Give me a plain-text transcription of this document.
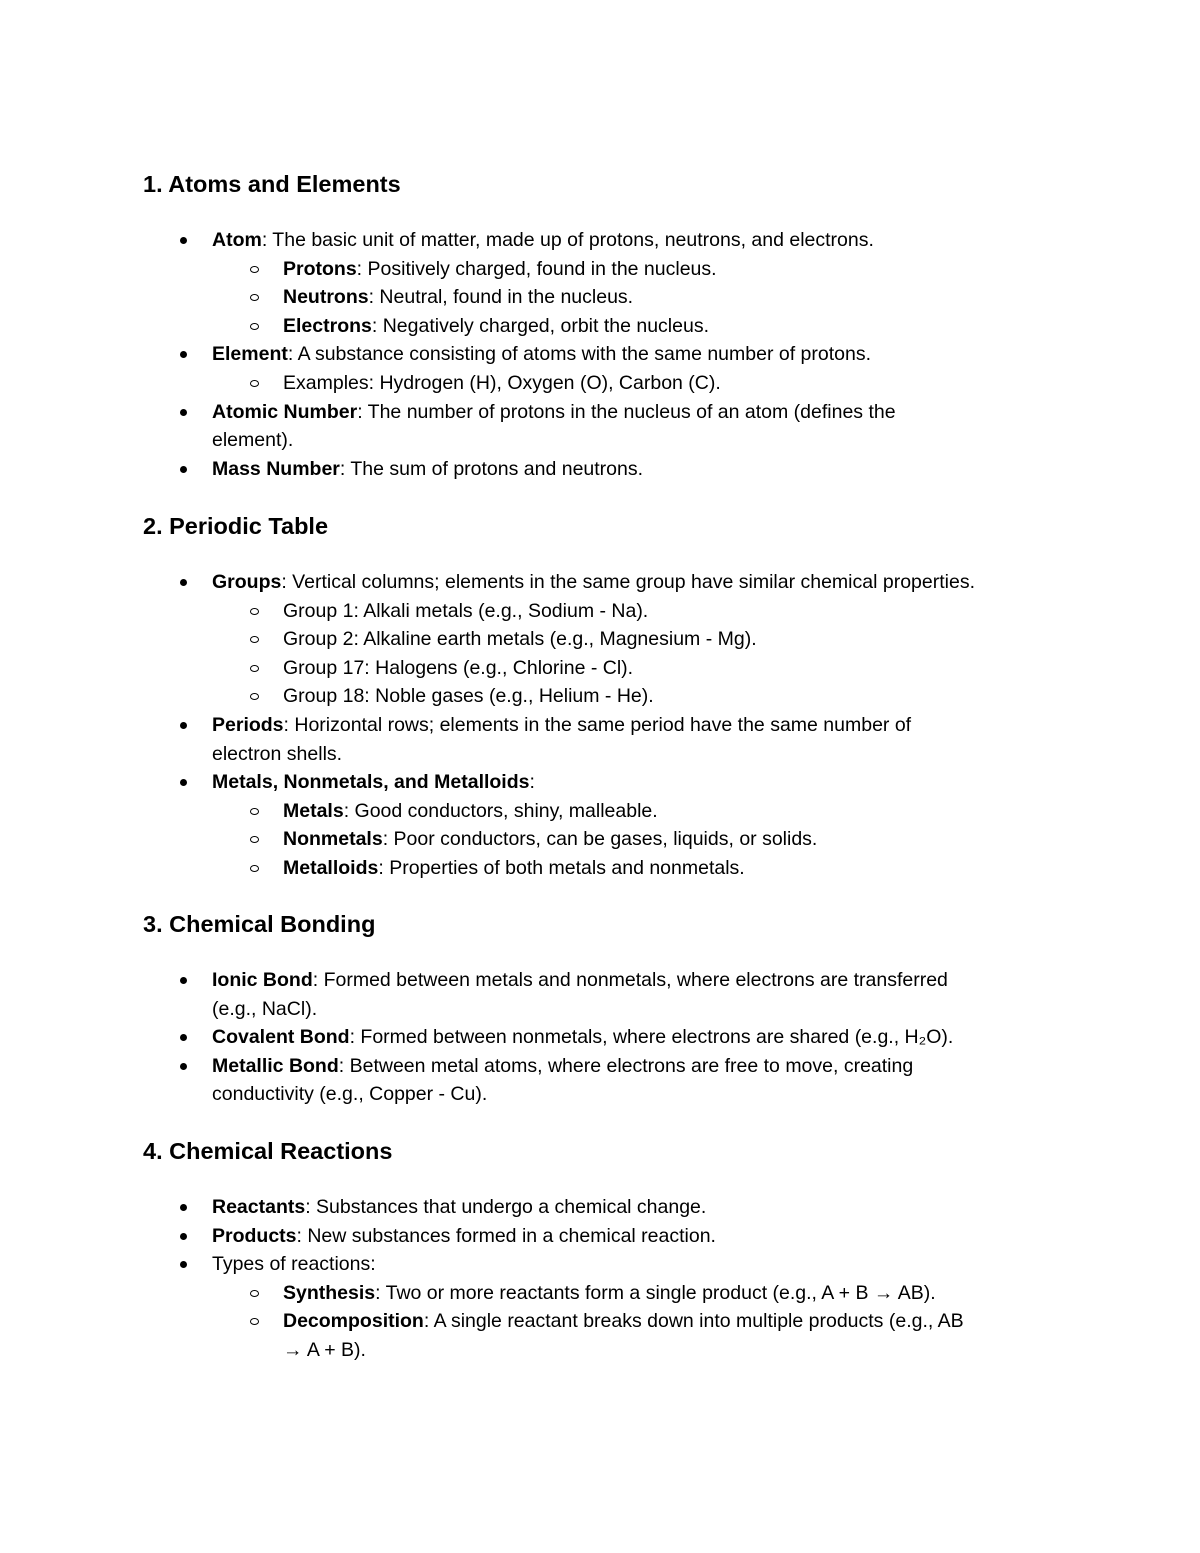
1. Atoms and Elements
Atom: The basic unit of matter, made up of protons, neutrons, and electrons.
Protons: Positively charged, found in the nucleus.
Neutrons: Neutral, found in the nucleus.
Electrons: Negatively charged, orbit the nucleus.
Element: A substance consisting of atoms with the same number of protons.
Examples: Hydrogen (H), Oxygen (O), Carbon (C).
Atomic Number: The number of protons in the nucleus of an atom (defines the
element).
Mass Number: The sum of protons and neutrons.
2. Periodic Table
Groups: Vertical columns; elements in the same group have similar chemical properties.
Group 1: Alkali metals (e.g., Sodium - Na).
Group 2: Alkaline earth metals (e.g., Magnesium - Mg).
Group 17: Halogens (e.g., Chlorine - Cl).
Group 18: Noble gases (e.g., Helium - He).
Periods: Horizontal rows; elements in the same period have the same number of
electron shells.
Metals, Nonmetals, and Metalloids:
Metals: Good conductors, shiny, malleable.
Nonmetals: Poor conductors, can be gases, liquids, or solids.
Metalloids: Properties of both metals and nonmetals.
3. Chemical Bonding
Ionic Bond: Formed between metals and nonmetals, where electrons are transferred
(e.g., NaCl).
Covalent Bond: Formed between nonmetals, where electrons are shared (e.g., H₂O).
Metallic Bond: Between metal atoms, where electrons are free to move, creating
conductivity (e.g., Copper - Cu).
4. Chemical Reactions
Reactants: Substances that undergo a chemical change.
Products: New substances formed in a chemical reaction.
Types of reactions:
Synthesis: Two or more reactants form a single product (e.g., A + B → AB).
Decomposition: A single reactant breaks down into multiple products (e.g., AB
→ A + B).
